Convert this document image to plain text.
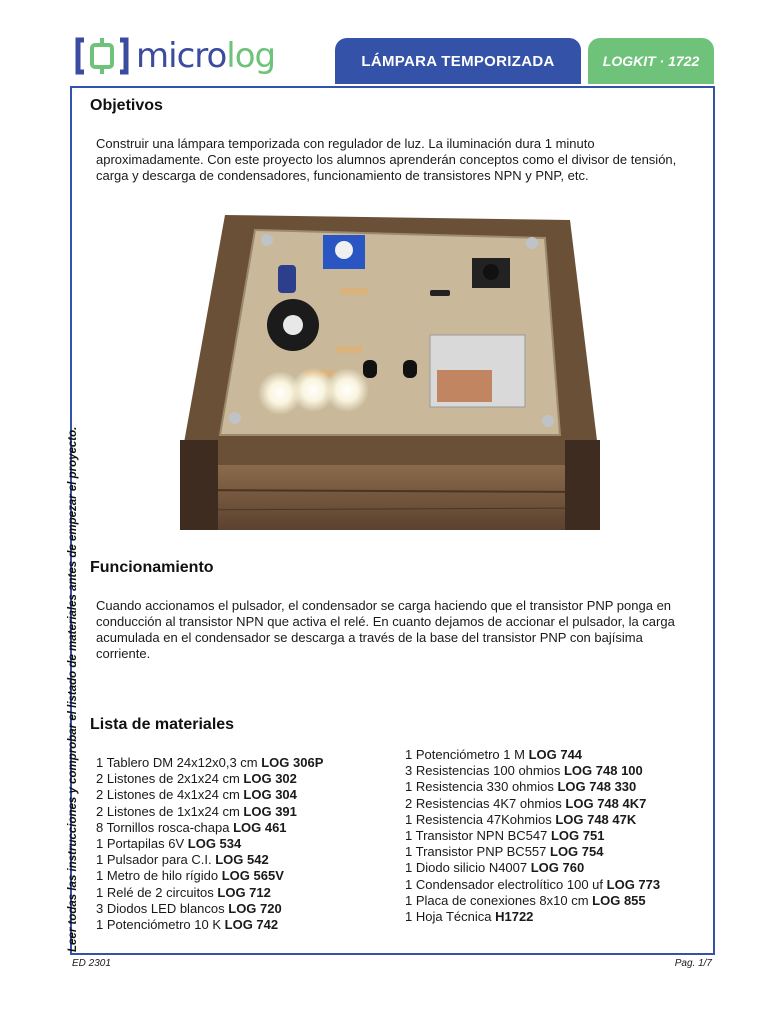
microlog	LÁMPARA TEMPORIZADA	LOGKIT · 1722
Leer todas las instrucciones y comprobar el listado de materiales antes de empezar el proyecto.
Objetivos

Construir una lámpara temporizada con regulador de luz. La iluminación dura 1 minuto aproximadamente. Con este proyecto los alumnos aprenderán conceptos como el divisor de tensión, carga y descarga de condensadores, funcionamiento de transistores NPN y PNP, etc.

Funcionamiento

Cuando accionamos el pulsador, el condensador se carga haciendo que el transistor PNP ponga en conducción al transistor NPN que activa el relé. En cuanto dejamos de accionar el pulsador, la carga acumulada en el condensador se descarga a través de la base del transistor PNP con bajísima corriente.

Lista de materiales
1 Tablero DM 24x12x0,3 cm LOG 306P
2 Listones de 2x1x24 cm LOG 302
2 Listones de 4x1x24 cm LOG 304
2 Listones de 1x1x24 cm LOG 391
8 Tornillos rosca-chapa LOG 461
1 Portapilas 6V LOG 534
1 Pulsador para C.I. LOG 542
1 Metro de hilo rígido LOG 565V
1 Relé de 2 circuitos LOG 712
3 Diodos LED blancos LOG 720
1 Potenciómetro 10 K LOG 742
1 Potenciómetro 1 M LOG 744
3 Resistencias 100 ohmios LOG 748 100
1 Resistencia 330 ohmios LOG 748 330
2 Resistencias 4K7 ohmios LOG 748 4K7
1 Resistencia 47Kohmios LOG 748 47K
1 Transistor NPN BC547 LOG 751
1 Transistor PNP BC557 LOG 754
1 Diodo silicio N4007 LOG 760
1 Condensador electrolítico 100 uf LOG 773
1 Placa de conexiones 8x10 cm LOG 855
1 Hoja Técnica H1722
ED 2301	Pag. 1/7
